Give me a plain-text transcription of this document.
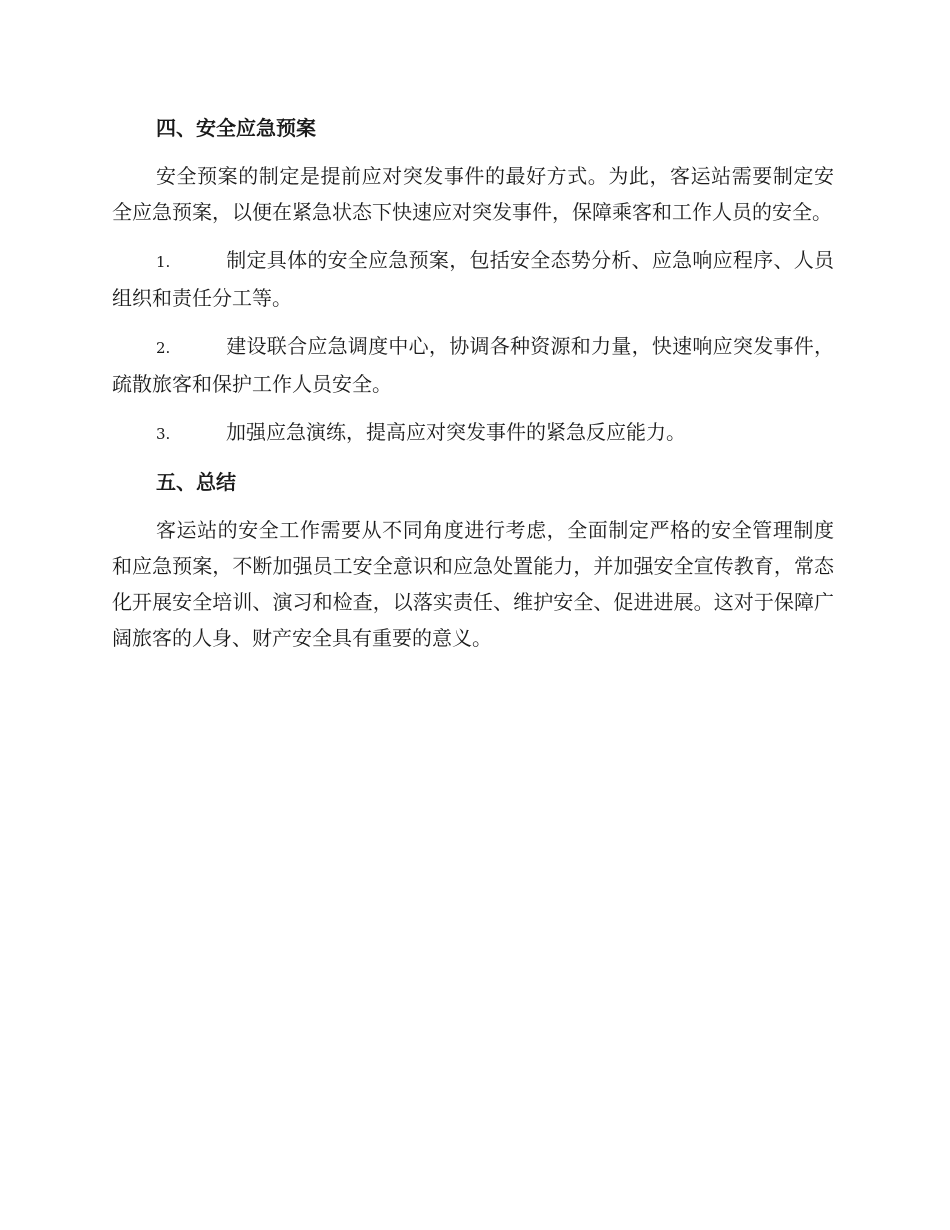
四、安全应急预案

安全预案的制定是提前应对突发事件的最好方式。为此，客运站需要制定安全应急预案，以便在紧急状态下快速应对突发事件，保障乘客和工作人员的安全。

1.	制定具体的安全应急预案，包括安全态势分析、应急响应程序、人员组织和责任分工等。
2.	建设联合应急调度中心，协调各种资源和力量，快速响应突发事件，疏散旅客和保护工作人员安全。
3.	加强应急演练，提高应对突发事件的紧急反应能力。
五、总结

客运站的安全工作需要从不同角度进行考虑，全面制定严格的安全管理制度和应急预案，不断加强员工安全意识和应急处置能力，并加强安全宣传教育，常态化开展安全培训、演习和检查，以落实责任、维护安全、促进进展。这对于保障广阔旅客的人身、财产安全具有重要的意义。
